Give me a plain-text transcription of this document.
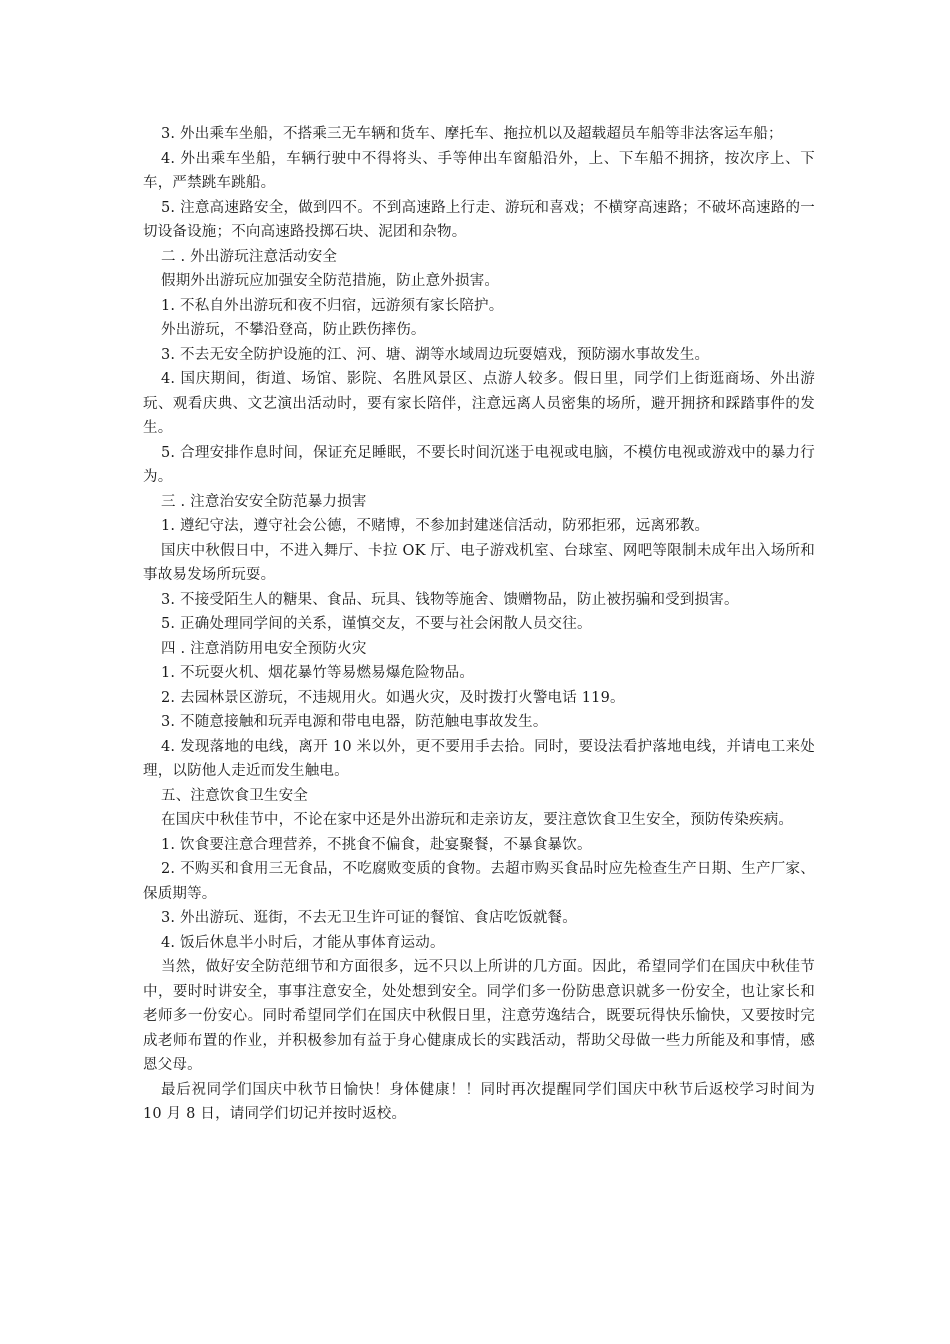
3. 外出乘车坐船，不搭乘三无车辆和货车、摩托车、拖拉机以及超载超员车船等非法客运车船；

4. 外出乘车坐船，车辆行驶中不得将头、手等伸出车窗船沿外，上、下车船不拥挤，按次序上、下车，严禁跳车跳船。

5. 注意高速路安全，做到四不。不到高速路上行走、游玩和喜戏；不横穿高速路；不破坏高速路的一切设备设施；不向高速路投掷石块、泥团和杂物。

二 . 外出游玩注意活动安全

假期外出游玩应加强安全防范措施，防止意外损害。

1. 不私自外出游玩和夜不归宿，远游须有家长陪护。

外出游玩，不攀沿登高，防止跌伤摔伤。

3. 不去无安全防护设施的江、河、塘、湖等水域周边玩耍嬉戏，预防溺水事故发生。

4. 国庆期间，街道、场馆、影院、名胜风景区、点游人较多。假日里，同学们上街逛商场、外出游玩、观看庆典、文艺演出活动时，要有家长陪伴，注意远离人员密集的场所，避开拥挤和踩踏事件的发生。

5. 合理安排作息时间，保证充足睡眠，不要长时间沉迷于电视或电脑，不模仿电视或游戏中的暴力行为。

三 . 注意治安安全防范暴力损害

1. 遵纪守法，遵守社会公德，不赌博，不参加封建迷信活动，防邪拒邪，远离邪教。

国庆中秋假日中，不进入舞厅、卡拉 OK 厅、电子游戏机室、台球室、网吧等限制未成年出入场所和事故易发场所玩耍。

3. 不接受陌生人的糖果、食品、玩具、钱物等施舍、馈赠物品，防止被拐骗和受到损害。

5. 正确处理同学间的关系，谨慎交友，不要与社会闲散人员交往。

四 . 注意消防用电安全预防火灾

1. 不玩耍火机、烟花暴竹等易燃易爆危险物品。

2. 去园林景区游玩，不违规用火。如遇火灾，及时拨打火警电话 119。

3. 不随意接触和玩弄电源和带电电器，防范触电事故发生。

4. 发现落地的电线，离开 10 米以外，更不要用手去拾。同时，要设法看护落地电线，并请电工来处理，以防他人走近而发生触电。

五、注意饮食卫生安全

在国庆中秋佳节中，不论在家中还是外出游玩和走亲访友，要注意饮食卫生安全，预防传染疾病。

1. 饮食要注意合理营养，不挑食不偏食，赴宴聚餐，不暴食暴饮。

2. 不购买和食用三无食品，不吃腐败变质的食物。去超市购买食品时应先检查生产日期、生产厂家、保质期等。

3. 外出游玩、逛街，不去无卫生许可证的餐馆、食店吃饭就餐。

4. 饭后休息半小时后，才能从事体育运动。

当然，做好安全防范细节和方面很多，远不只以上所讲的几方面。因此，希望同学们在国庆中秋佳节中，要时时讲安全，事事注意安全，处处想到安全。同学们多一份防患意识就多一份安全，也让家长和老师多一份安心。同时希望同学们在国庆中秋假日里，注意劳逸结合，既要玩得快乐愉快，又要按时完成老师布置的作业，并积极参加有益于身心健康成长的实践活动，帮助父母做一些力所能及和事情，感恩父母。

最后祝同学们国庆中秋节日愉快！身体健康！！同时再次提醒同学们国庆中秋节后返校学习时间为 10 月 8 日，请同学们切记并按时返校。
